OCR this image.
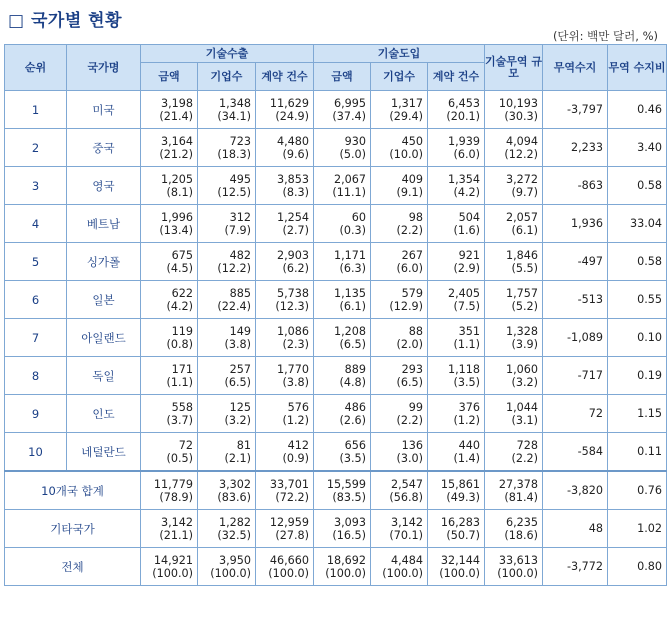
□ 국가별 현황
(단위: 백만 달러, %)
순위	국가명	기술수출			기술도입			기술무역 규모	무역수지	무역 수지비
		금액	기업수	계약 건수	금액	기업수	계약 건수			
1	미국	3,198	1,348	11,629	6,995	1,317	6,453	10,193	-3,797	0.46
		(21.4)	(34.1)	(24.9)	(37.4)	(29.4)	(20.1)	(30.3)		
2	중국	3,164	723	4,480	930	450	1,939	4,094	2,233	3.40
		(21.2)	(18.3)	(9.6)	(5.0)	(10.0)	(6.0)	(12.2)		
3	영국	1,205	495	3,853	2,067	409	1,354	3,272	-863	0.58
		(8.1)	(12.5)	(8.3)	(11.1)	(9.1)	(4.2)	(9.7)		
4	베트남	1,996	312	1,254	60	98	504	2,057	1,936	33.04
		(13.4)	(7.9)	(2.7)	(0.3)	(2.2)	(1.6)	(6.1)		
5	싱가폴	675	482	2,903	1,171	267	921	1,846	-497	0.58
		(4.5)	(12.2)	(6.2)	(6.3)	(6.0)	(2.9)	(5.5)		
6	일본	622	885	5,738	1,135	579	2,405	1,757	-513	0.55
		(4.2)	(22.4)	(12.3)	(6.1)	(12.9)	(7.5)	(5.2)		
7	아일랜드	119	149	1,086	1,208	88	351	1,328	-1,089	0.10
		(0.8)	(3.8)	(2.3)	(6.5)	(2.0)	(1.1)	(3.9)		
8	독일	171	257	1,770	889	293	1,118	1,060	-717	0.19
		(1.1)	(6.5)	(3.8)	(4.8)	(6.5)	(3.5)	(3.2)		
9	인도	558	125	576	486	99	376	1,044	72	1.15
		(3.7)	(3.2)	(1.2)	(2.6)	(2.2)	(1.2)	(3.1)		
10	네덜란드	72	81	412	656	136	440	728	-584	0.11
		(0.5)	(2.1)	(0.9)	(3.5)	(3.0)	(1.4)	(2.2)		
10개국 합계		11,779	3,302	33,701	15,599	2,547	15,861	27,378	-3,820	0.76
		(78.9)	(83.6)	(72.2)	(83.5)	(56.8)	(49.3)	(81.4)		
기타국가		3,142	1,282	12,959	3,093	3,142	16,283	6,235	48	1.02
		(21.1)	(32.5)	(27.8)	(16.5)	(70.1)	(50.7)	(18.6)		
전체		14,921	3,950	46,660	18,692	4,484	32,144	33,613	-3,772	0.80
		(100.0)	(100.0)	(100.0)	(100.0)	(100.0)	(100.0)	(100.0)		
